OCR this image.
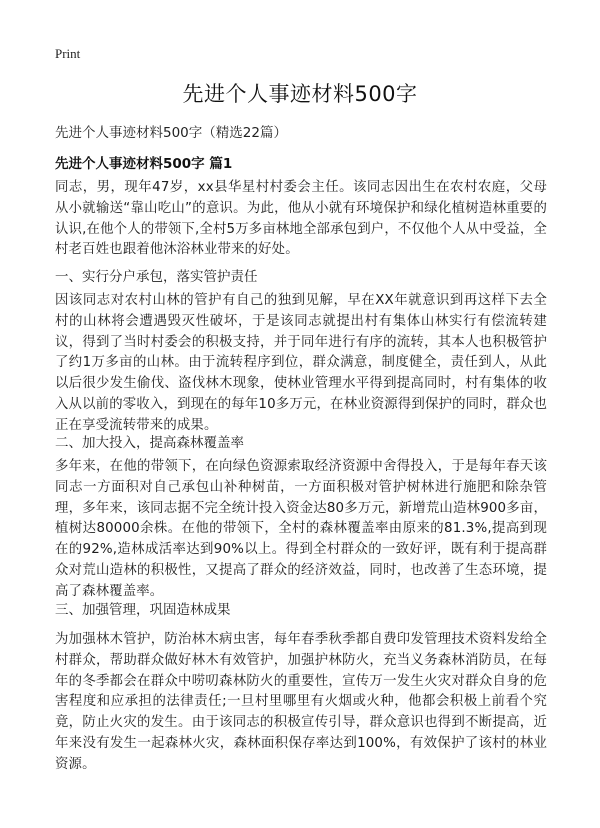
Print
先进个人事迹材料500字
先进个人事迹材料500字（精选22篇）
先进个人事迹材料500字 篇1
同志，男，现年47岁，xx县华星村村委会主任。该同志因出生在农村农庭，父母从小就输送“靠山吃山”的意识。为此，他从小就有环境保护和绿化植树造林重要的认识,在他个人的带领下,全村5万多亩林地全部承包到户，不仅他个人从中受益，全村老百姓也跟着他沐浴林业带来的好处。
一、实行分户承包，落实管护责任
因该同志对农村山林的管护有自己的独到见解，早在XX年就意识到再这样下去全村的山林将会遭遇毁灭性破坏，于是该同志就提出村有集体山林实行有偿流转建议，得到了当时村委会的积极支持，并于同年进行有序的流转，其本人也积极管护了约1万多亩的山林。由于流转程序到位，群众满意，制度健全，责任到人，从此以后很少发生偷伐、盗伐林木现象，使林业管理水平得到提高同时，村有集体的收入从以前的零收入，到现在的每年10多万元，在林业资源得到保护的同时，群众也正在享受流转带来的成果。
二、加大投入，提高森林覆盖率
多年来，在他的带领下，在向绿色资源索取经济资源中舍得投入，于是每年春天该同志一方面积对自己承包山补种树苗，一方面积极对管护树林进行施肥和除杂管理，多年来，该同志据不完全统计投入资金达80多万元，新增荒山造林900多亩，植树达80000余株。在他的带领下，全村的森林覆盖率由原来的81.3%,提高到现在的92%,造林成活率达到90%以上。得到全村群众的一致好评，既有利于提高群众对荒山造林的积极性，又提高了群众的经济效益，同时，也改善了生态环境，提高了森林覆盖率。
三、加强管理，巩固造林成果
为加强林木管护，防治林木病虫害，每年春季秋季都自费印发管理技术资料发给全村群众，帮助群众做好林木有效管护，加强护林防火，充当义务森林消防员，在每年的冬季都会在群众中唠叨森林防火的重要性，宣传万一发生火灾对群众自身的危害程度和应承担的法律责任;一旦村里哪里有火烟或火种，他都会积极上前看个究竟，防止火灾的发生。由于该同志的积极宣传引导，群众意识也得到不断提高，近年来没有发生一起森林火灾，森林面积保存率达到100%，有效保护了该村的林业资源。
